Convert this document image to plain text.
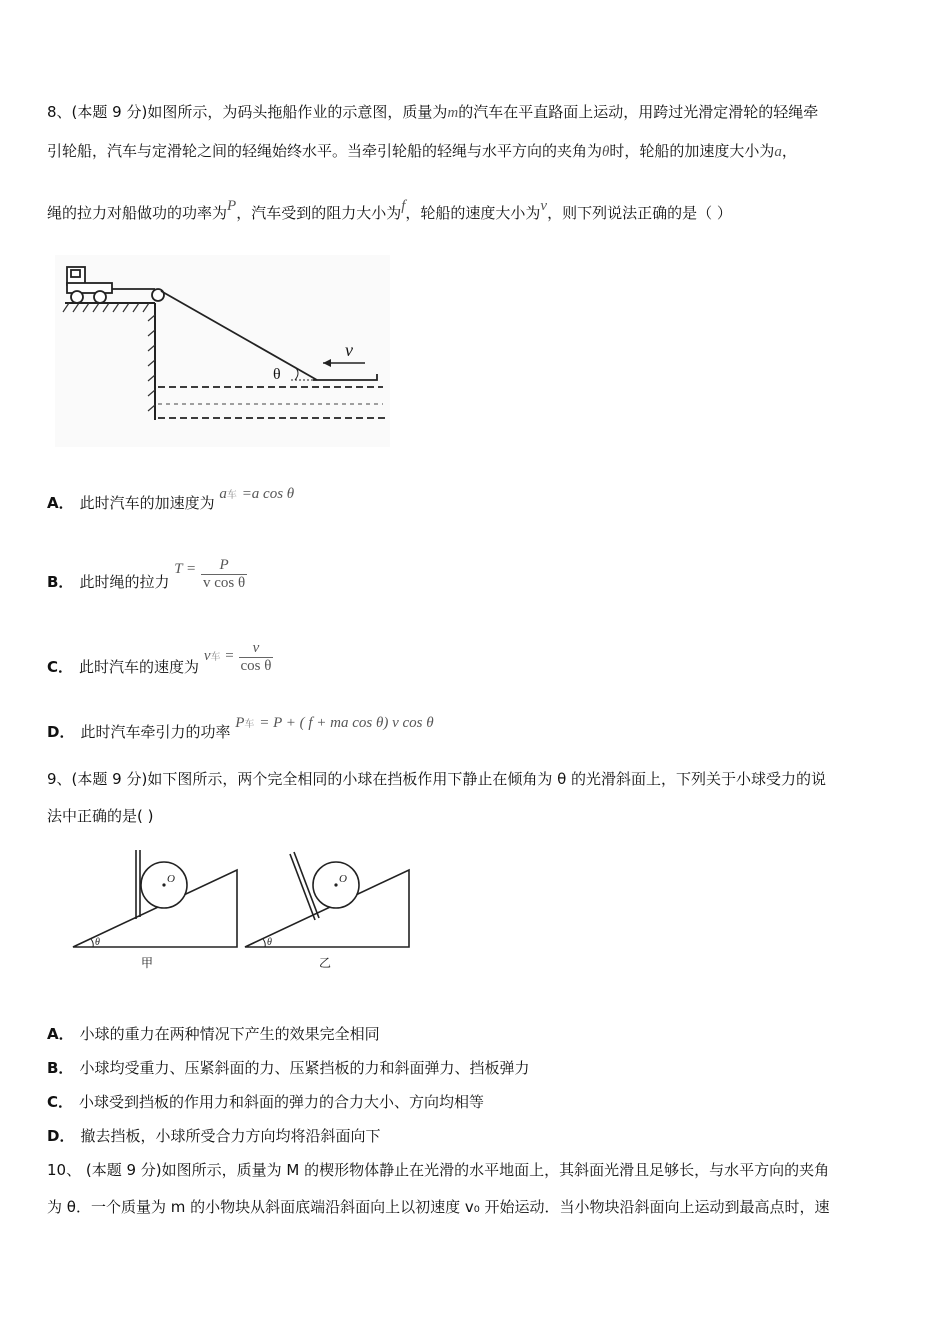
8、(本题 9 分)如图所示，为码头拖船作业的示意图，质量为m的汽车在平直路面上运动，用跨过光滑定滑轮的轻绳牵
引轮船，汽车与定滑轮之间的轻绳始终水平。当牵引轮船的轻绳与水平方向的夹角为θ时，轮船的加速度大小为a，
绳的拉力对船做功的功率为P，汽车受到的阻力大小为f，轮船的速度大小为v，则下列说法正确的是（ ）
θ
v
A． 此时汽车的加速度为 a车 =a cos θ
B． 此时绳的拉力 $T = \frac{P}{\text{v cos θ}}$
C． 此时汽车的速度为 v车 = $\frac{v}{\text{cos θ}}$
D． 此时汽车牵引力的功率 P车 = P + ( f + ma cos θ) v cos θ
9、(本题 9 分)如下图所示，两个完全相同的小球在挡板作用下静止在倾角为 θ 的光滑斜面上，下列关于小球受力的说
法中正确的是( )
O
θ
甲
O
θ
乙
A． 小球的重力在两种情况下产生的效果完全相同
B． 小球均受重力、压紧斜面的力、压紧挡板的力和斜面弹力、挡板弹力
C． 小球受到挡板的作用力和斜面的弹力的合力大小、方向均相等
D． 撤去挡板，小球所受合力方向均将沿斜面向下
10、 (本题 9 分)如图所示，质量为 M 的楔形物体静止在光滑的水平地面上，其斜面光滑且足够长，与水平方向的夹角
为 θ．一个质量为 m 的小物块从斜面底端沿斜面向上以初速度 v₀ 开始运动．当小物块沿斜面向上运动到最高点时，速
